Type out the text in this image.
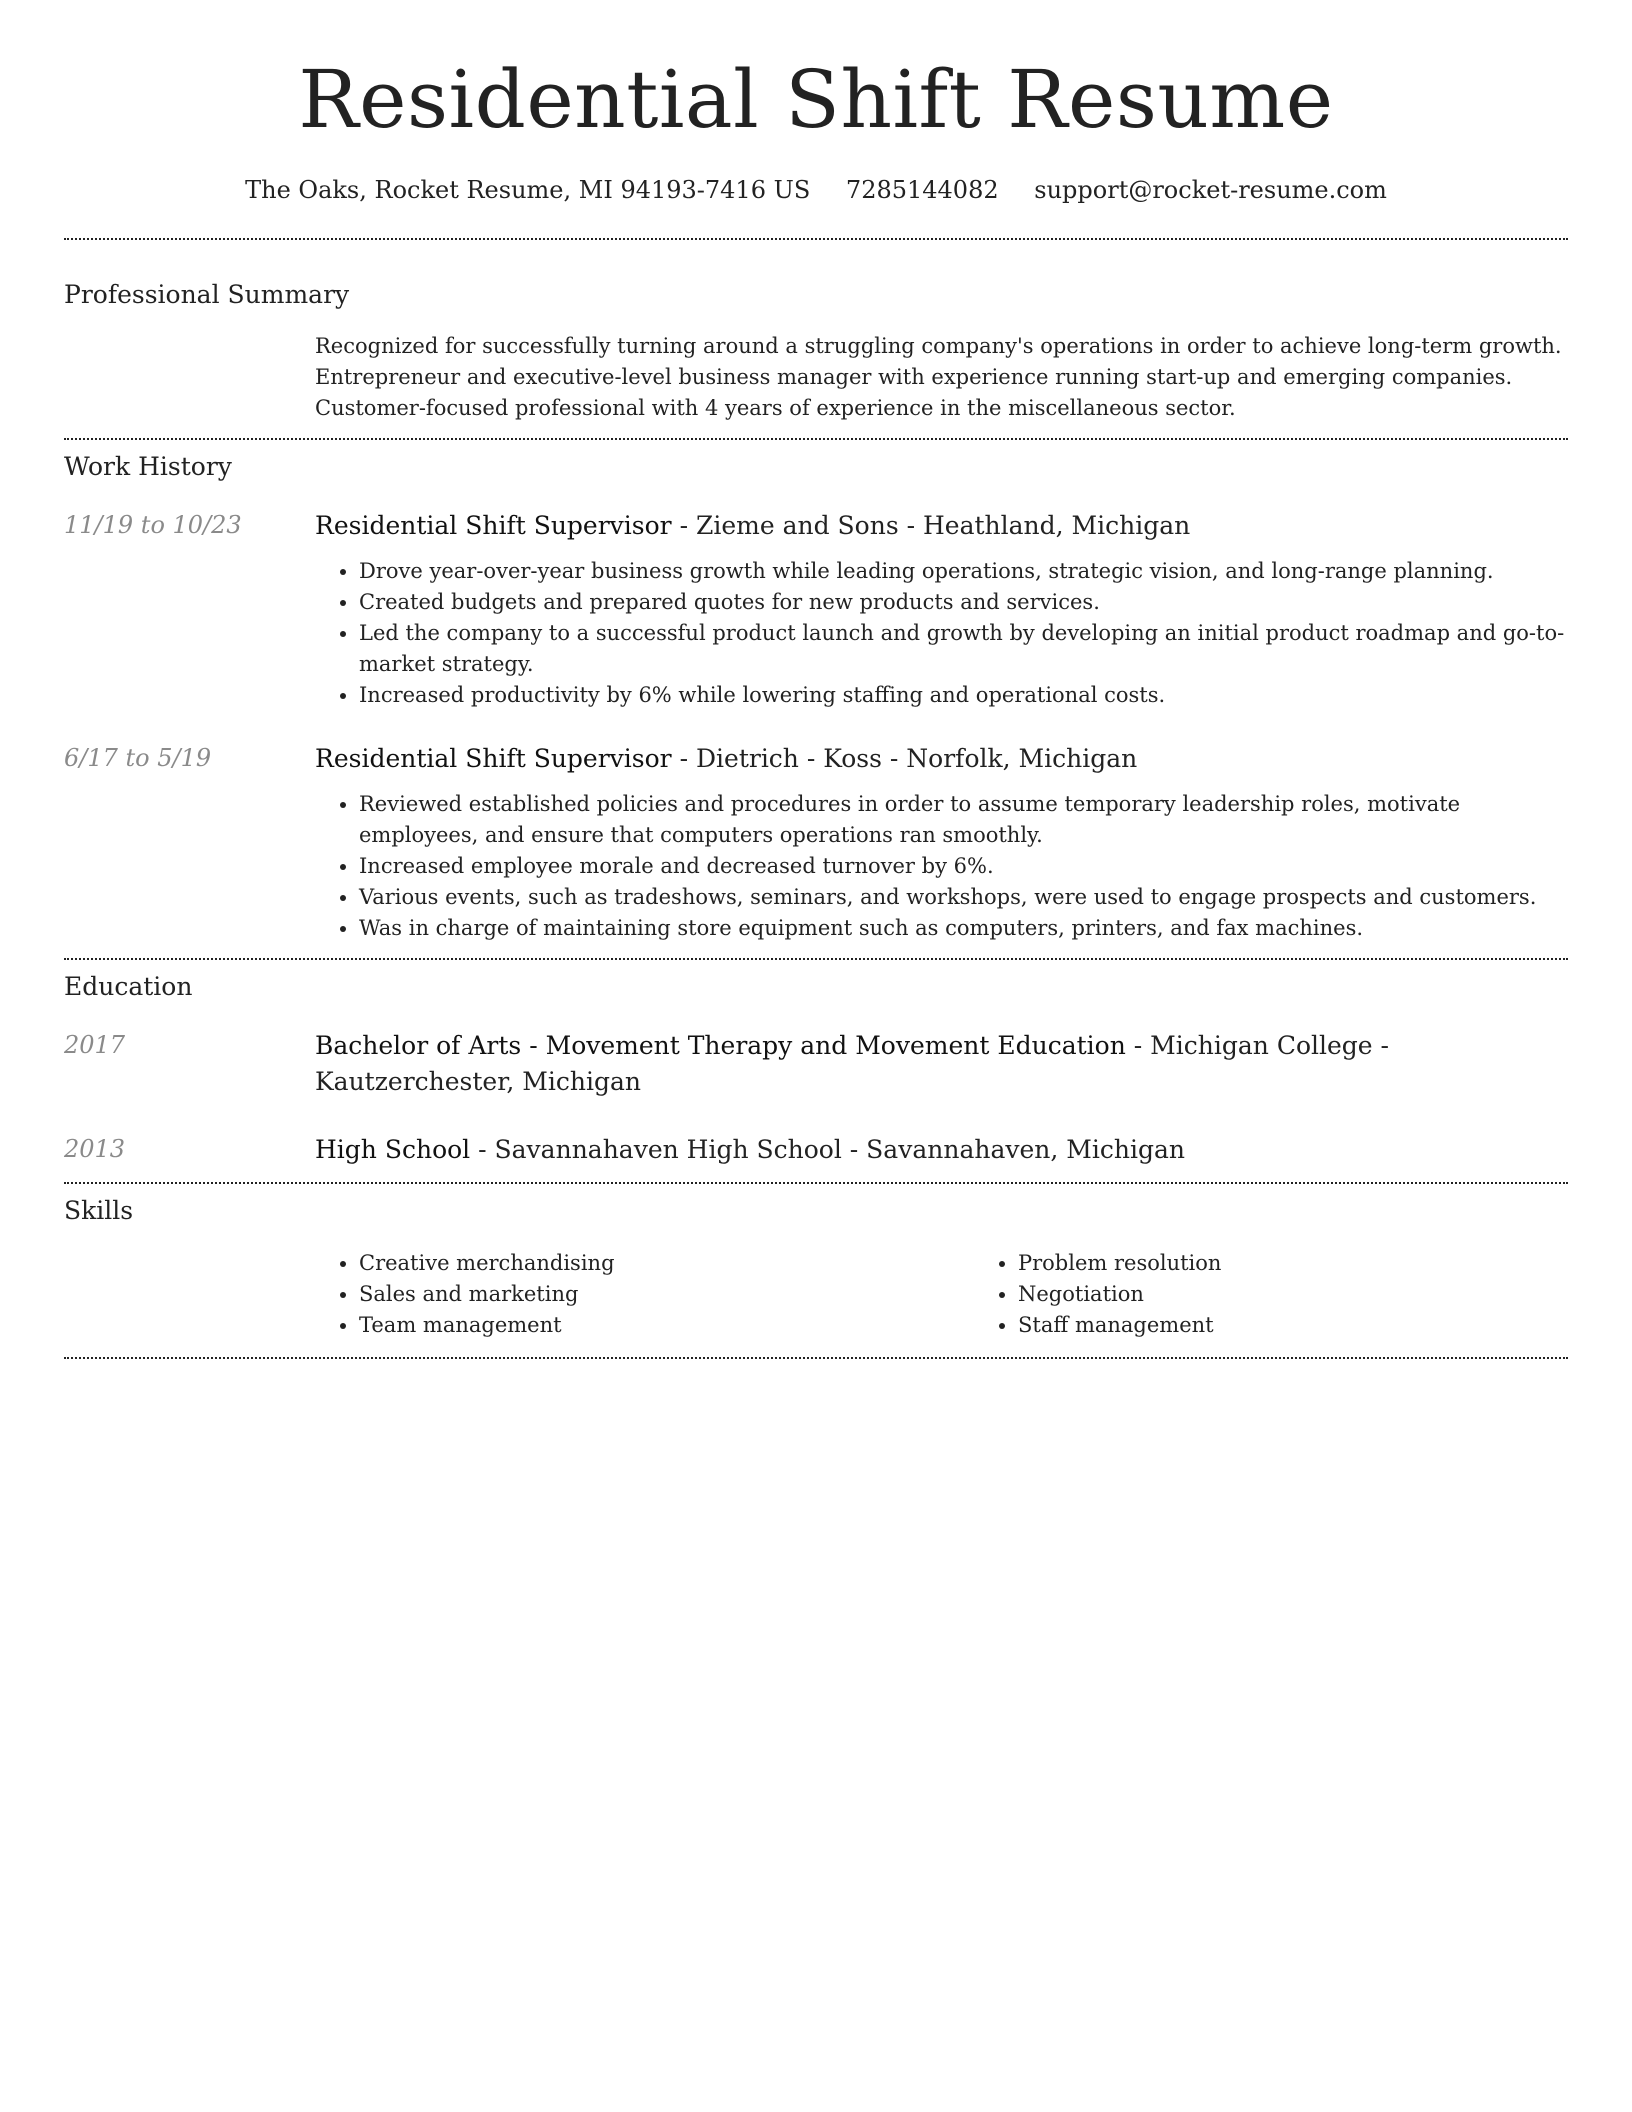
Residential Shift Resume
The Oaks, Rocket Resume, MI 94193-7416 US 7285144082 support@rocket-resume.com
Professional Summary
Recognized for successfully turning around a struggling company's operations in order to achieve long-term growth.
Entrepreneur and executive-level business manager with experience running start-up and emerging companies.
Customer-focused professional with 4 years of experience in the miscellaneous sector.
Work History
11/19 to 10/23	Residential Shift Supervisor - Zieme and Sons - Heathland, Michigan
• Drove year-over-year business growth while leading operations, strategic vision, and long-range planning.
• Created budgets and prepared quotes for new products and services.
• Led the company to a successful product launch and growth by developing an initial product roadmap and go-to-market strategy.
• Increased productivity by 6% while lowering staffing and operational costs.
6/17 to 5/19	Residential Shift Supervisor - Dietrich - Koss - Norfolk, Michigan
• Reviewed established policies and procedures in order to assume temporary leadership roles, motivate employees, and ensure that computers operations ran smoothly.
• Increased employee morale and decreased turnover by 6%.
• Various events, such as tradeshows, seminars, and workshops, were used to engage prospects and customers.
• Was in charge of maintaining store equipment such as computers, printers, and fax machines.
Education
2017	Bachelor of Arts - Movement Therapy and Movement Education - Michigan College - Kautzerchester, Michigan
2013	High School - Savannahaven High School - Savannahaven, Michigan
Skills
• Creative merchandising
• Sales and marketing
• Team management
• Problem resolution
• Negotiation
• Staff management
